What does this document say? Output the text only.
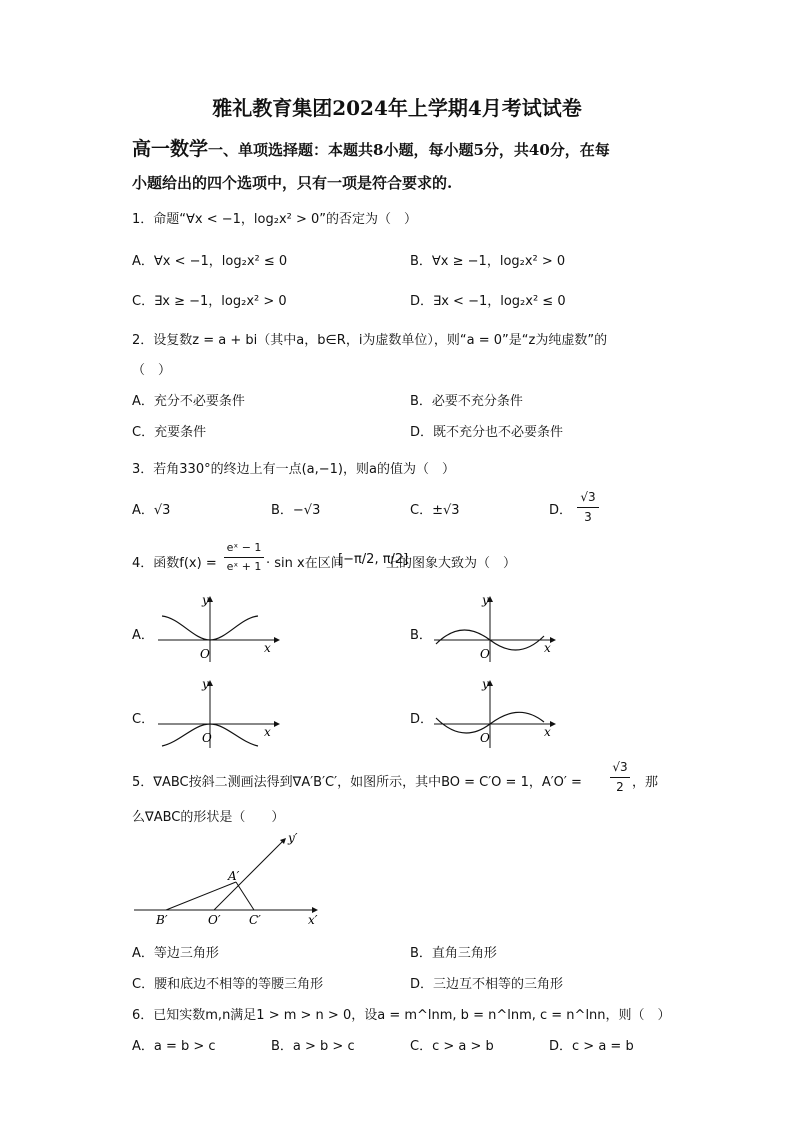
雅礼教育集团2024年上学期4月考试试卷
高一数学一、单项选择题：本题共8小题，每小题5分，共40分，在每
小题给出的四个选项中，只有一项是符合要求的.
1．命题“∀x < −1，log₂x² > 0”的否定为（　）
A．∀x < −1，log₂x² ≤ 0	B．∀x ≥ −1，log₂x² > 0
C．∃x ≥ −1，log₂x² > 0	D．∃x < −1，log₂x² ≤ 0
2．设复数z = a + bi（其中a，b∈R，i为虚数单位），则“a = 0”是“z为纯虚数”的
（　）
A．充分不必要条件	B．必要不充分条件
C．充要条件	D．既不充分也不必要条件
3．若角330°的终边上有一点(a,−1)，则a的值为（　）
A．√3	B．−√3	C．±√3	D．
√3
3
4．函数f(x) =
eˣ − 1
eˣ + 1 · sin x在区间
[−π/2, π/2]
上的图象大致为（　）
A．	B．
C．	D．
y
x
O
y
x
O
y
x
O
y
x
O
5．∇ABC按斜二测画法得到∇A′B′C′，如图所示，其中BO = C′O = 1，A′O′ =
√3
2 ，那
么∇ABC的形状是（　　）
y′
x′
A′
B′	O′ C′
A．等边三角形	B．直角三角形
C．腰和底边不相等的等腰三角形	D．三边互不相等的三角形
6．已知实数m,n满足1 > m > n > 0，设a = m^lnm, b = n^lnm, c = n^lnn，则（　）
A．a = b > c	B．a > b > c	C．c > a > b	D．c > a = b
